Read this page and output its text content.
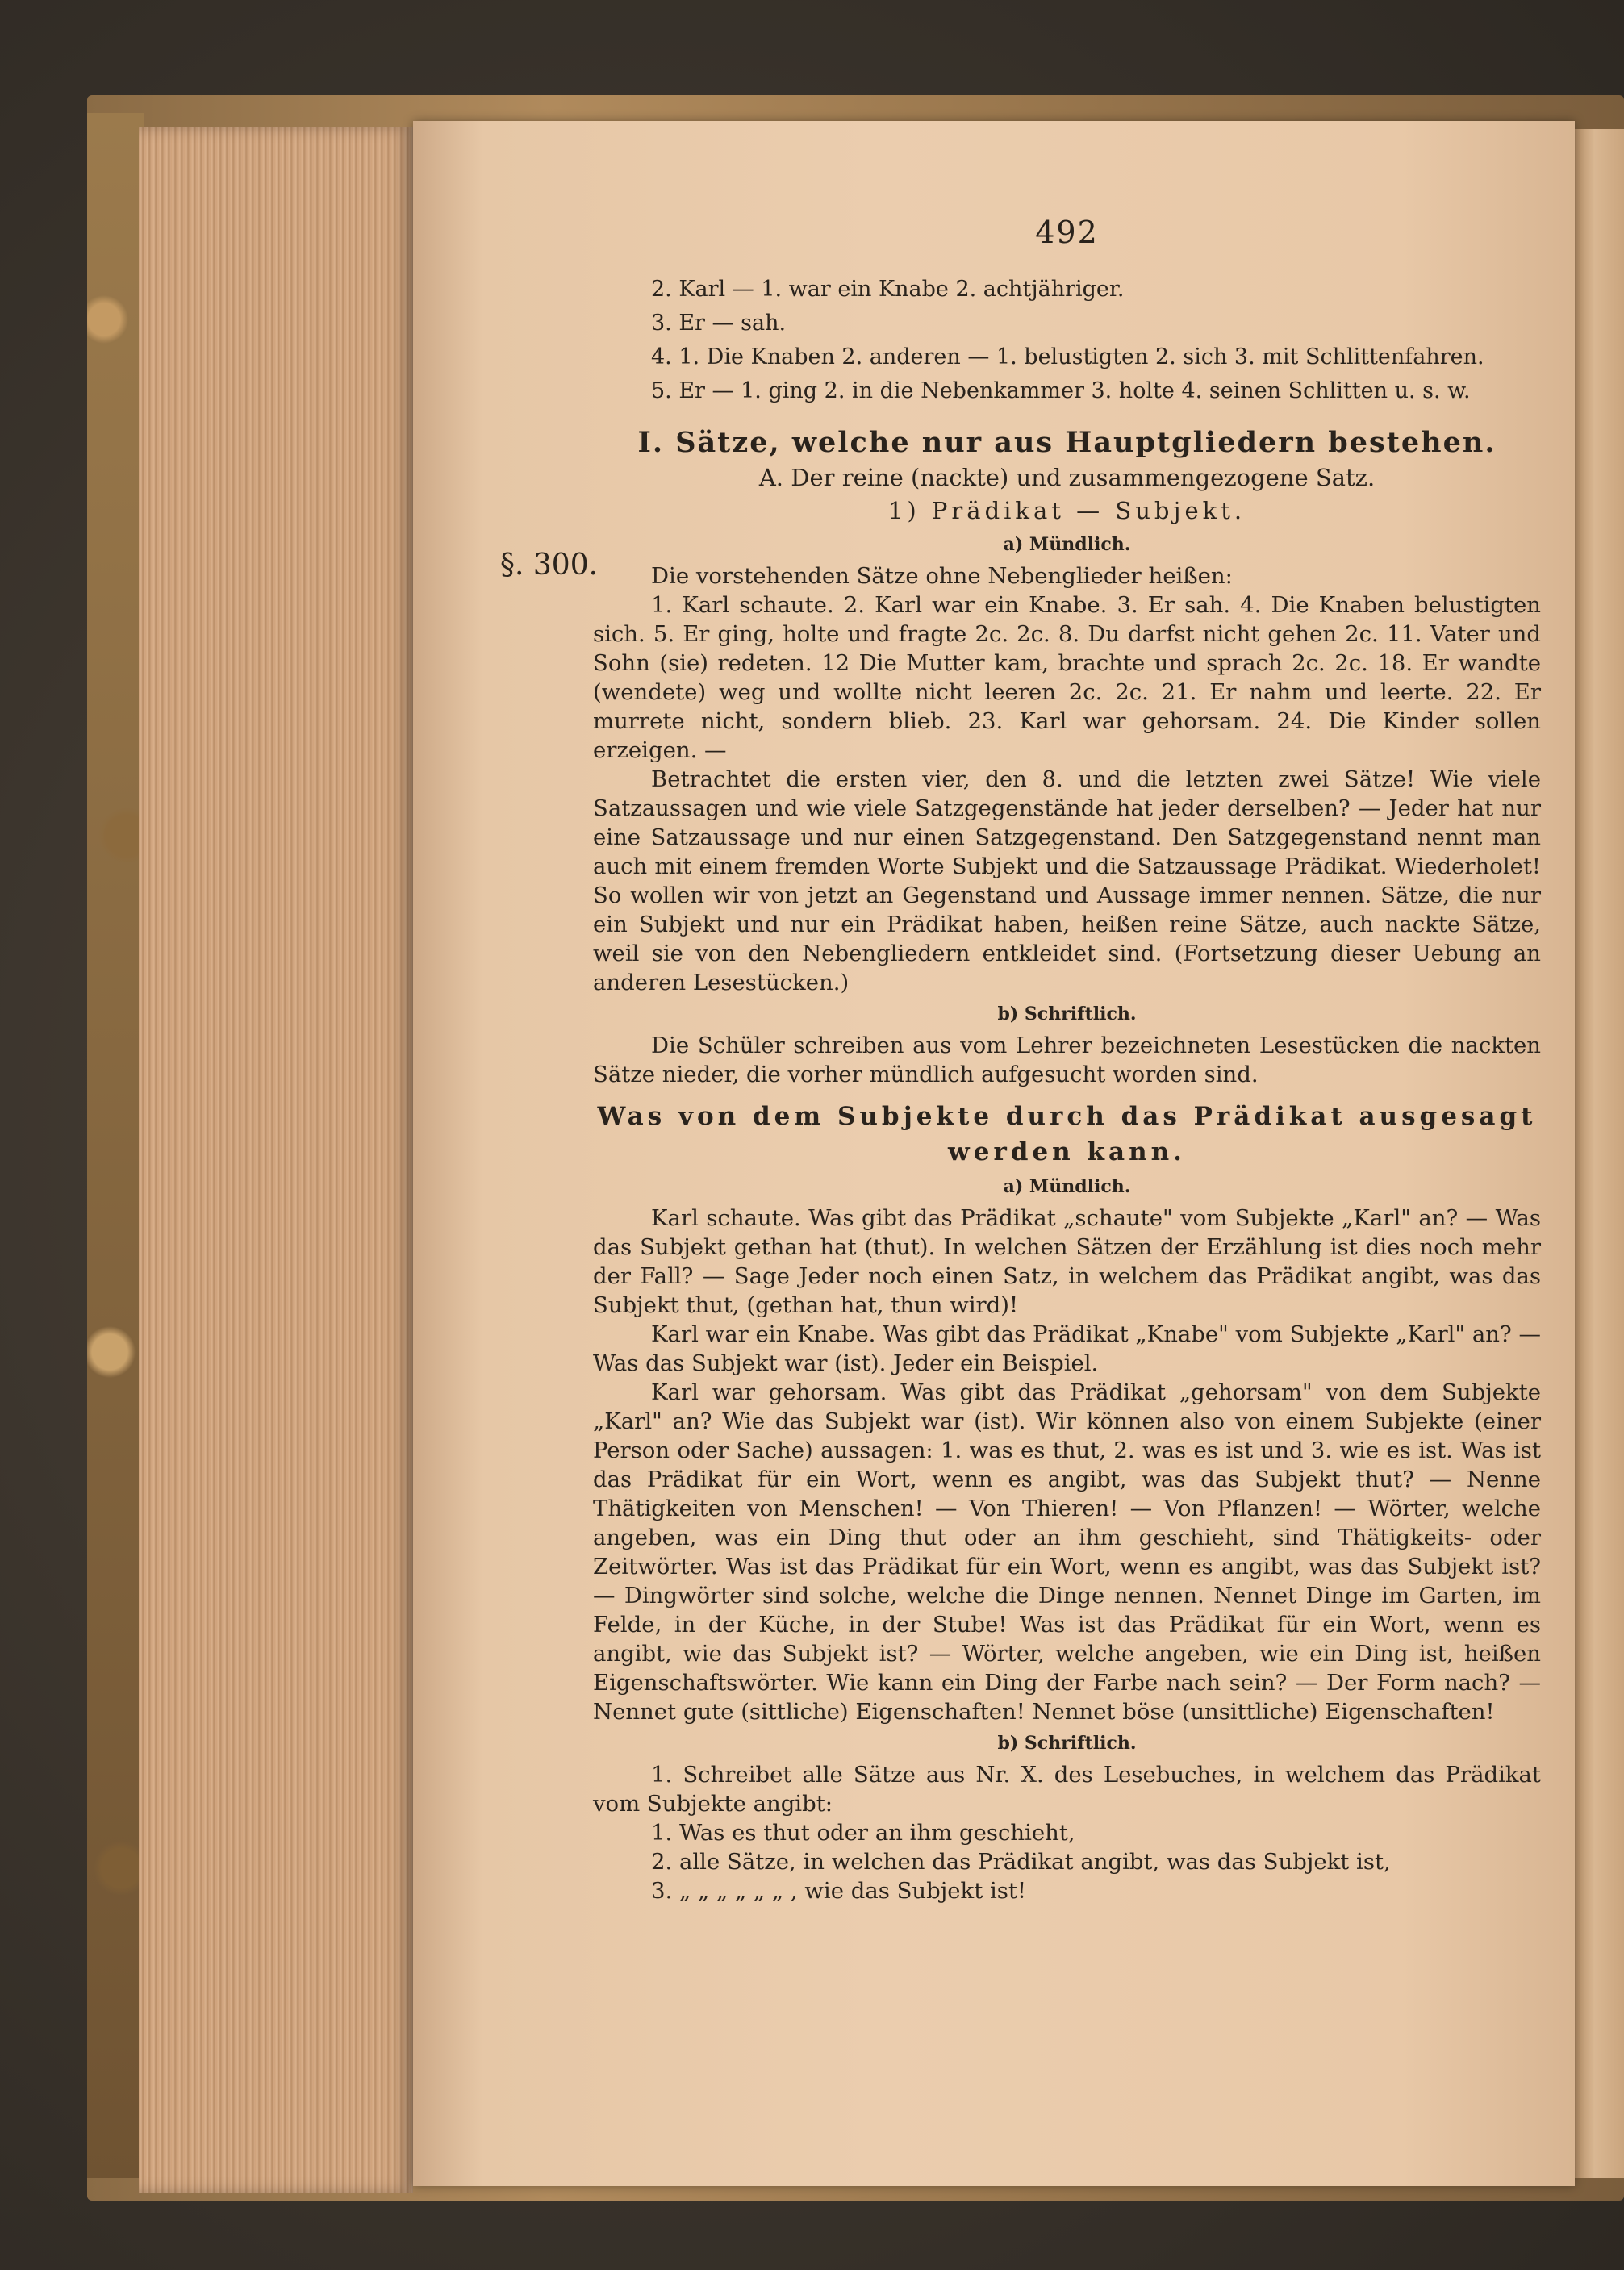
§. 300.

492

2. Karl — 1. war ein Knabe 2. achtjähriger.

3. Er — sah.

4. 1. Die Knaben 2. anderen — 1. belustigten 2. sich 3. mit Schlittenfahren.

5. Er — 1. ging 2. in die Nebenkammer 3. holte 4. seinen Schlitten u. s. w.

I. Sätze, welche nur aus Hauptgliedern bestehen.

A. Der reine (nackte) und zusammengezogene Satz.

1) Prädikat — Subjekt.

a) Mündlich.

Die vorstehenden Sätze ohne Nebenglieder heißen:

1. Karl schaute. 2. Karl war ein Knabe. 3. Er sah. 4. Die Knaben belustigten sich. 5. Er ging, holte und fragte 2c. 2c. 8. Du darfst nicht gehen 2c. 11. Vater und Sohn (sie) redeten. 12 Die Mutter kam, brachte und sprach 2c. 2c. 18. Er wandte (wendete) weg und wollte nicht leeren 2c. 2c. 21. Er nahm und leerte. 22. Er murrete nicht, sondern blieb. 23. Karl war gehorsam. 24. Die Kinder sollen erzeigen. —

Betrachtet die ersten vier, den 8. und die letzten zwei Sätze! Wie viele Satzaussagen und wie viele Satzgegenstände hat jeder derselben? — Jeder hat nur eine Satzaussage und nur einen Satzgegenstand. Den Satzgegenstand nennt man auch mit einem fremden Worte Subjekt und die Satzaussage Prädikat. Wiederholet! So wollen wir von jetzt an Gegenstand und Aussage immer nennen. Sätze, die nur ein Subjekt und nur ein Prädikat haben, heißen reine Sätze, auch nackte Sätze, weil sie von den Nebengliedern entkleidet sind. (Fortsetzung dieser Uebung an anderen Lesestücken.)

b) Schriftlich.

Die Schüler schreiben aus vom Lehrer bezeichneten Lesestücken die nackten Sätze nieder, die vorher mündlich aufgesucht worden sind.

Was von dem Subjekte durch das Prädikat ausgesagt werden kann.

a) Mündlich.

Karl schaute. Was gibt das Prädikat „schaute" vom Subjekte „Karl" an? — Was das Subjekt gethan hat (thut). In welchen Sätzen der Erzählung ist dies noch mehr der Fall? — Sage Jeder noch einen Satz, in welchem das Prädikat angibt, was das Subjekt thut, (gethan hat, thun wird)!

Karl war ein Knabe. Was gibt das Prädikat „Knabe" vom Subjekte „Karl" an? — Was das Subjekt war (ist). Jeder ein Beispiel.

Karl war gehorsam. Was gibt das Prädikat „gehorsam" von dem Subjekte „Karl" an? Wie das Subjekt war (ist). Wir können also von einem Subjekte (einer Person oder Sache) aussagen: 1. was es thut, 2. was es ist und 3. wie es ist. Was ist das Prädikat für ein Wort, wenn es angibt, was das Subjekt thut? — Nenne Thätigkeiten von Menschen! — Von Thieren! — Von Pflanzen! — Wörter, welche angeben, was ein Ding thut oder an ihm geschieht, sind Thätigkeits- oder Zeitwörter. Was ist das Prädikat für ein Wort, wenn es angibt, was das Subjekt ist? — Dingwörter sind solche, welche die Dinge nennen. Nennet Dinge im Garten, im Felde, in der Küche, in der Stube! Was ist das Prädikat für ein Wort, wenn es angibt, wie das Subjekt ist? — Wörter, welche angeben, wie ein Ding ist, heißen Eigenschaftswörter. Wie kann ein Ding der Farbe nach sein? — Der Form nach? — Nennet gute (sittliche) Eigenschaften! Nennet böse (unsittliche) Eigenschaften!

b) Schriftlich.

1. Schreibet alle Sätze aus Nr. X. des Lesebuches, in welchem das Prädikat vom Subjekte angibt:

1. Was es thut oder an ihm geschieht,

2. alle Sätze, in welchen das Prädikat angibt, was das Subjekt ist,

3. „ „ „ „ „ „ , wie das Subjekt ist!
